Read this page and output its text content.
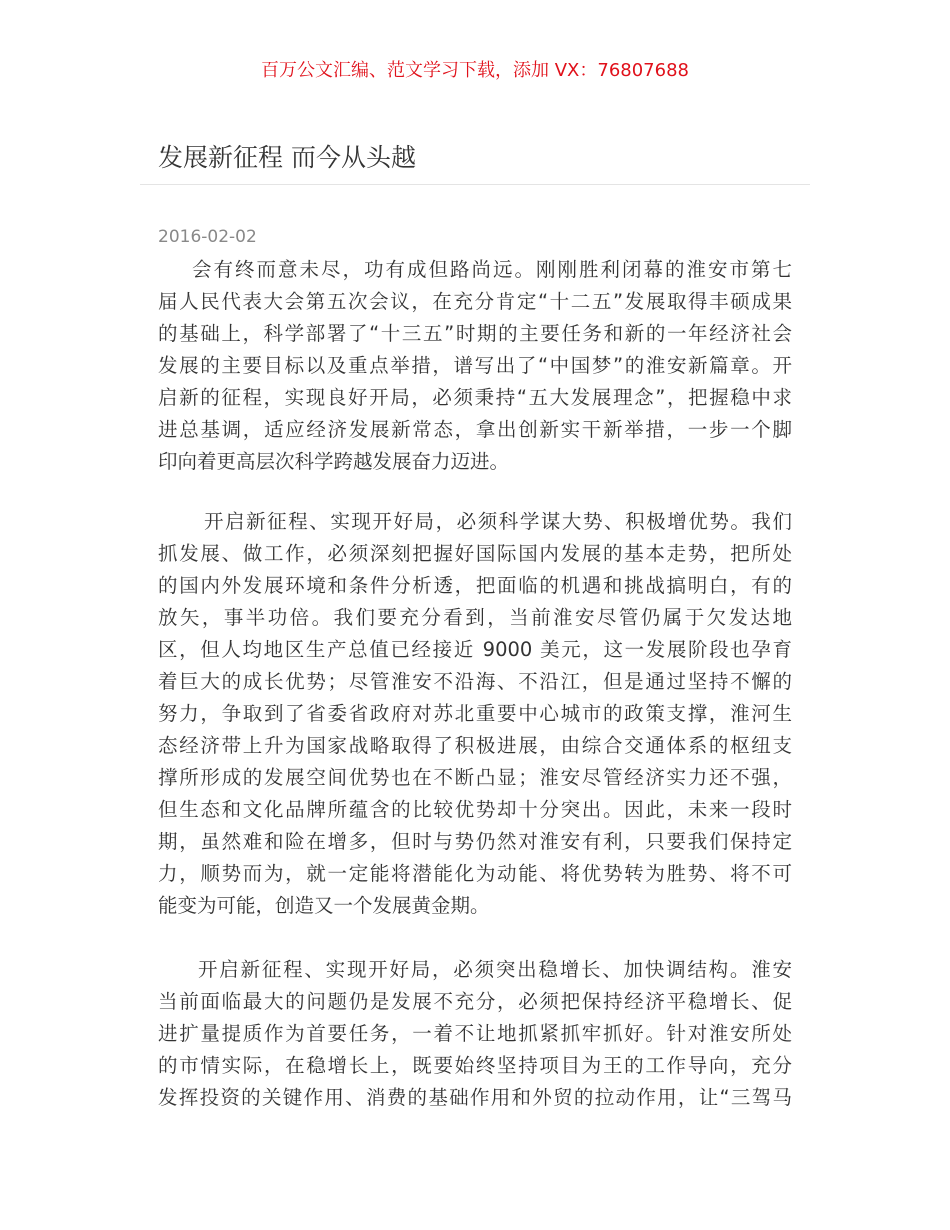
百万公文汇编、范文学习下载，添加 VX：76807688
发展新征程 而今从头越
2016-02-02
会有终而意未尽，功有成但路尚远。刚刚胜利闭幕的淮安市第七
届人民代表大会第五次会议，在充分肯定“十二五”发展取得丰硕成果
的基础上，科学部署了“十三五”时期的主要任务和新的一年经济社会
发展的主要目标以及重点举措，谱写出了“中国梦”的淮安新篇章。开
启新的征程，实现良好开局，必须秉持“五大发展理念”，把握稳中求
进总基调，适应经济发展新常态，拿出创新实干新举措，一步一个脚
印向着更高层次科学跨越发展奋力迈进。
开启新征程、实现开好局，必须科学谋大势、积极增优势。我们
抓发展、做工作，必须深刻把握好国际国内发展的基本走势，把所处
的国内外发展环境和条件分析透，把面临的机遇和挑战搞明白，有的
放矢，事半功倍。我们要充分看到，当前淮安尽管仍属于欠发达地
区，但人均地区生产总值已经接近 9000 美元，这一发展阶段也孕育
着巨大的成长优势；尽管淮安不沿海、不沿江，但是通过坚持不懈的
努力，争取到了省委省政府对苏北重要中心城市的政策支撑，淮河生
态经济带上升为国家战略取得了积极进展，由综合交通体系的枢纽支
撑所形成的发展空间优势也在不断凸显；淮安尽管经济实力还不强，
但生态和文化品牌所蕴含的比较优势却十分突出。因此，未来一段时
期，虽然难和险在增多，但时与势仍然对淮安有利，只要我们保持定
力，顺势而为，就一定能将潜能化为动能、将优势转为胜势、将不可
能变为可能，创造又一个发展黄金期。
开启新征程、实现开好局，必须突出稳增长、加快调结构。淮安
当前面临最大的问题仍是发展不充分，必须把保持经济平稳增长、促
进扩量提质作为首要任务，一着不让地抓紧抓牢抓好。针对淮安所处
的市情实际，在稳增长上，既要始终坚持项目为王的工作导向，充分
发挥投资的关键作用、消费的基础作用和外贸的拉动作用，让“三驾马
